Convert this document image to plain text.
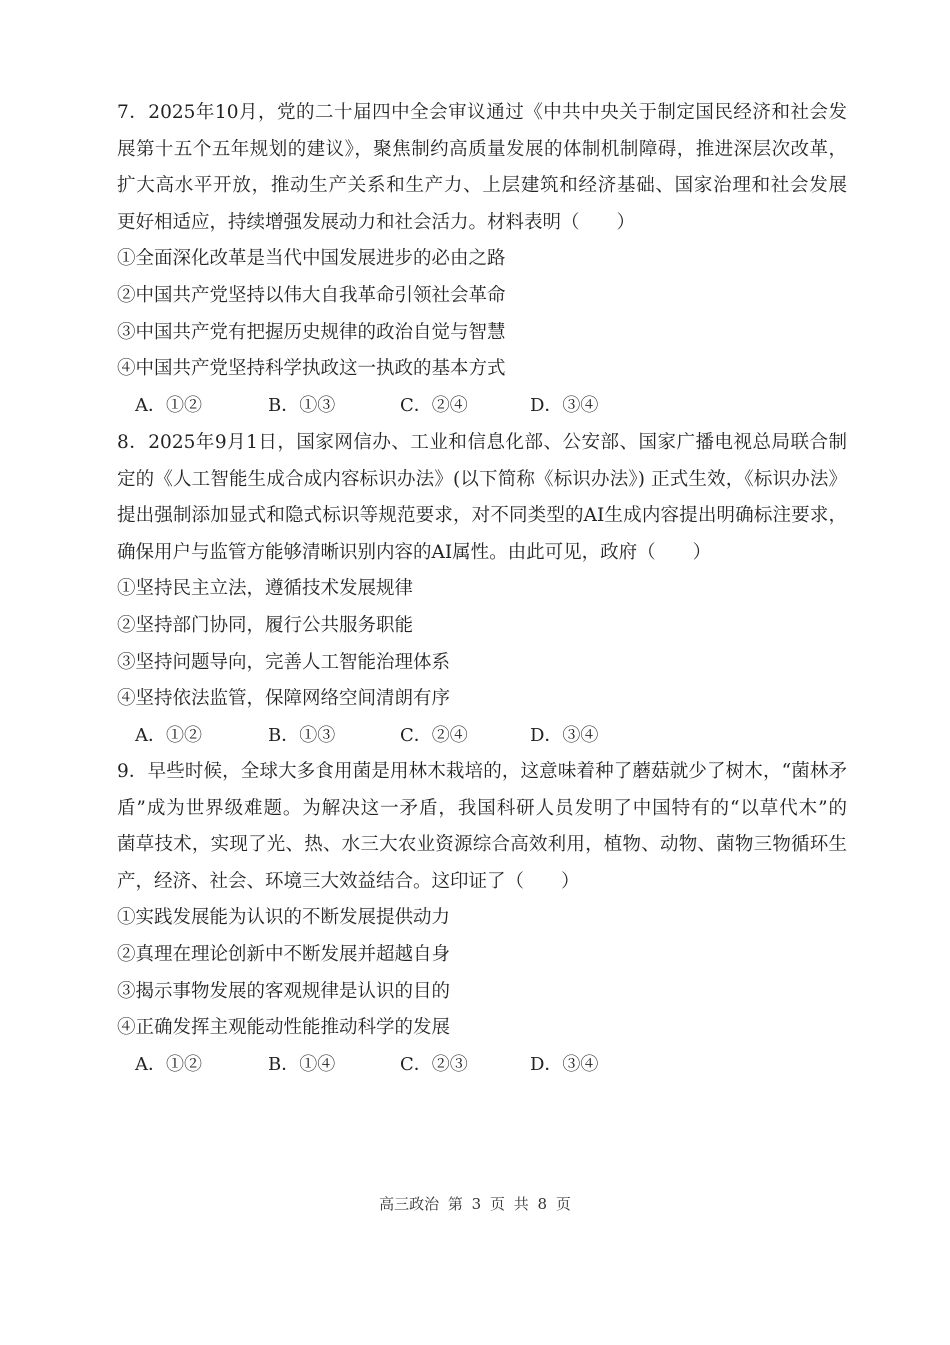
7．2025年10月，党的二十届四中全会审议通过《中共中央关于制定国民经济和社会发
展第十五个五年规划的建议》，聚焦制约高质量发展的体制机制障碍，推进深层次改革，
扩大高水平开放，推动生产关系和生产力、上层建筑和经济基础、国家治理和社会发展
更好相适应，持续增强发展动力和社会活力。材料表明（　　）
①全面深化改革是当代中国发展进步的必由之路
②中国共产党坚持以伟大自我革命引领社会革命
③中国共产党有把握历史规律的政治自觉与智慧
④中国共产党坚持科学执政这一执政的基本方式
A．①②	B．①③	C．②④	D．③④
8．2025年9月1日，国家网信办、工业和信息化部、公安部、国家广播电视总局联合制
定的《人工智能生成合成内容标识办法》(以下简称《标识办法》) 正式生效，《标识办法》
提出强制添加显式和隐式标识等规范要求，对不同类型的AI生成内容提出明确标注要求，
确保用户与监管方能够清晰识别内容的AI属性。由此可见，政府（　　）
①坚持民主立法，遵循技术发展规律
②坚持部门协同，履行公共服务职能
③坚持问题导向，完善人工智能治理体系
④坚持依法监管，保障网络空间清朗有序
A．①②	B．①③	C．②④	D．③④
9．早些时候，全球大多食用菌是用林木栽培的，这意味着种了蘑菇就少了树木，“菌林矛
盾”成为世界级难题。为解决这一矛盾，我国科研人员发明了中国特有的“以草代木”的
菌草技术，实现了光、热、水三大农业资源综合高效利用，植物、动物、菌物三物循环生
产，经济、社会、环境三大效益结合。这印证了（　　）
①实践发展能为认识的不断发展提供动力
②真理在理论创新中不断发展并超越自身
③揭示事物发展的客观规律是认识的目的
④正确发挥主观能动性能推动科学的发展
A．①②	B．①④	C．②③	D．③④
高三政治 第 3 页 共 8 页
